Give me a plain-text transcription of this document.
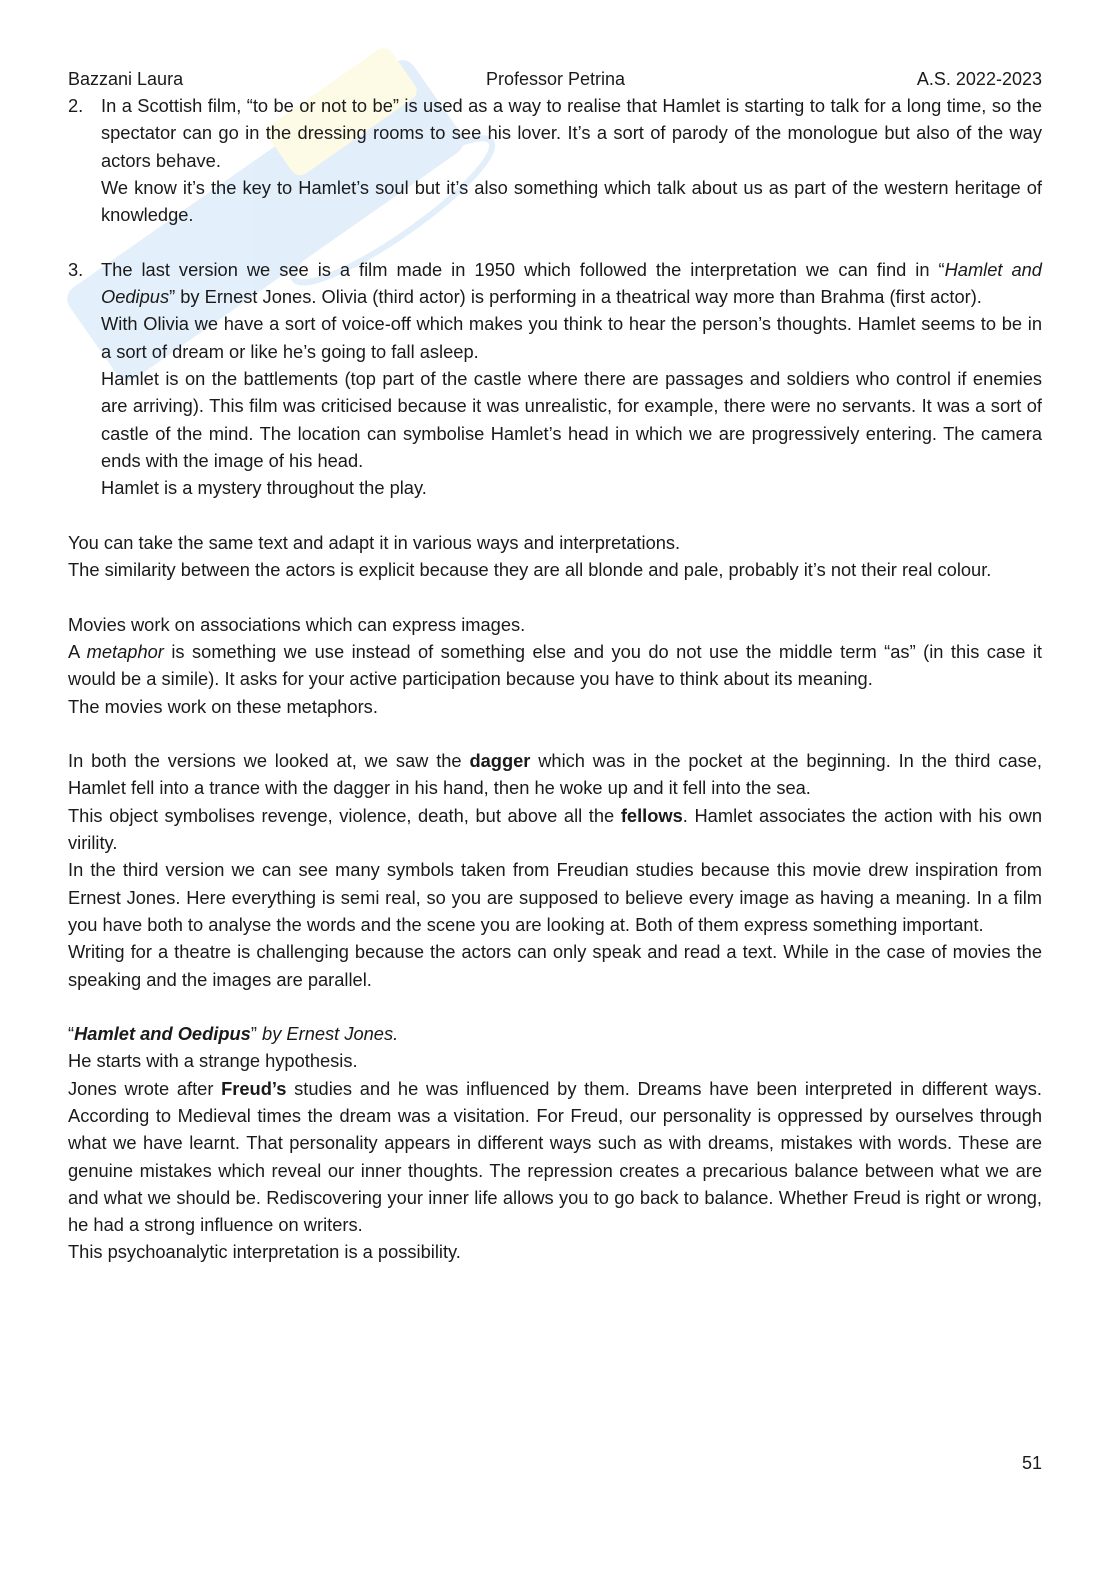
Bazzani Laura	Professor Petrina	A.S. 2022-2023
2. In a Scottish film, “to be or not to be” is used as a way to realise that Hamlet is starting to talk for a long time, so the spectator can go in the dressing rooms to see his lover. It’s a sort of parody of the monologue but also of the way actors behave.

We know it’s the key to Hamlet’s soul but it’s also something which talk about us as part of the western heritage of knowledge.

3. The last version we see is a film made in 1950 which followed the interpretation we can find in “Hamlet and Oedipus” by Ernest Jones. Olivia (third actor) is performing in a theatrical way more than Brahma (first actor).

With Olivia we have a sort of voice-off which makes you think to hear the person’s thoughts. Hamlet seems to be in a sort of dream or like he’s going to fall asleep.

Hamlet is on the battlements (top part of the castle where there are passages and soldiers who control if enemies are arriving). This film was criticised because it was unrealistic, for example, there were no servants. It was a sort of castle of the mind. The location can symbolise Hamlet’s head in which we are progressively entering. The camera ends with the image of his head.

Hamlet is a mystery throughout the play.

You can take the same text and adapt it in various ways and interpretations.

The similarity between the actors is explicit because they are all blonde and pale, probably it’s not their real colour.

Movies work on associations which can express images.

A metaphor is something we use instead of something else and you do not use the middle term “as” (in this case it would be a simile). It asks for your active participation because you have to think about its meaning.

The movies work on these metaphors.

In both the versions we looked at, we saw the dagger which was in the pocket at the beginning. In the third case, Hamlet fell into a trance with the dagger in his hand, then he woke up and it fell into the sea.

This object symbolises revenge, violence, death, but above all the fellows. Hamlet associates the action with his own virility.

In the third version we can see many symbols taken from Freudian studies because this movie drew inspiration from Ernest Jones. Here everything is semi real, so you are supposed to believe every image as having a meaning. In a film you have both to analyse the words and the scene you are looking at. Both of them express something important.

Writing for a theatre is challenging because the actors can only speak and read a text. While in the case of movies the speaking and the images are parallel.

“Hamlet and Oedipus” by Ernest Jones.

He starts with a strange hypothesis.

Jones wrote after Freud’s studies and he was influenced by them. Dreams have been interpreted in different ways. According to Medieval times the dream was a visitation. For Freud, our personality is oppressed by ourselves through what we have learnt. That personality appears in different ways such as with dreams, mistakes with words. These are genuine mistakes which reveal our inner thoughts. The repression creates a precarious balance between what we are and what we should be. Rediscovering your inner life allows you to go back to balance. Whether Freud is right or wrong, he had a strong influence on writers.

This psychoanalytic interpretation is a possibility.

51
